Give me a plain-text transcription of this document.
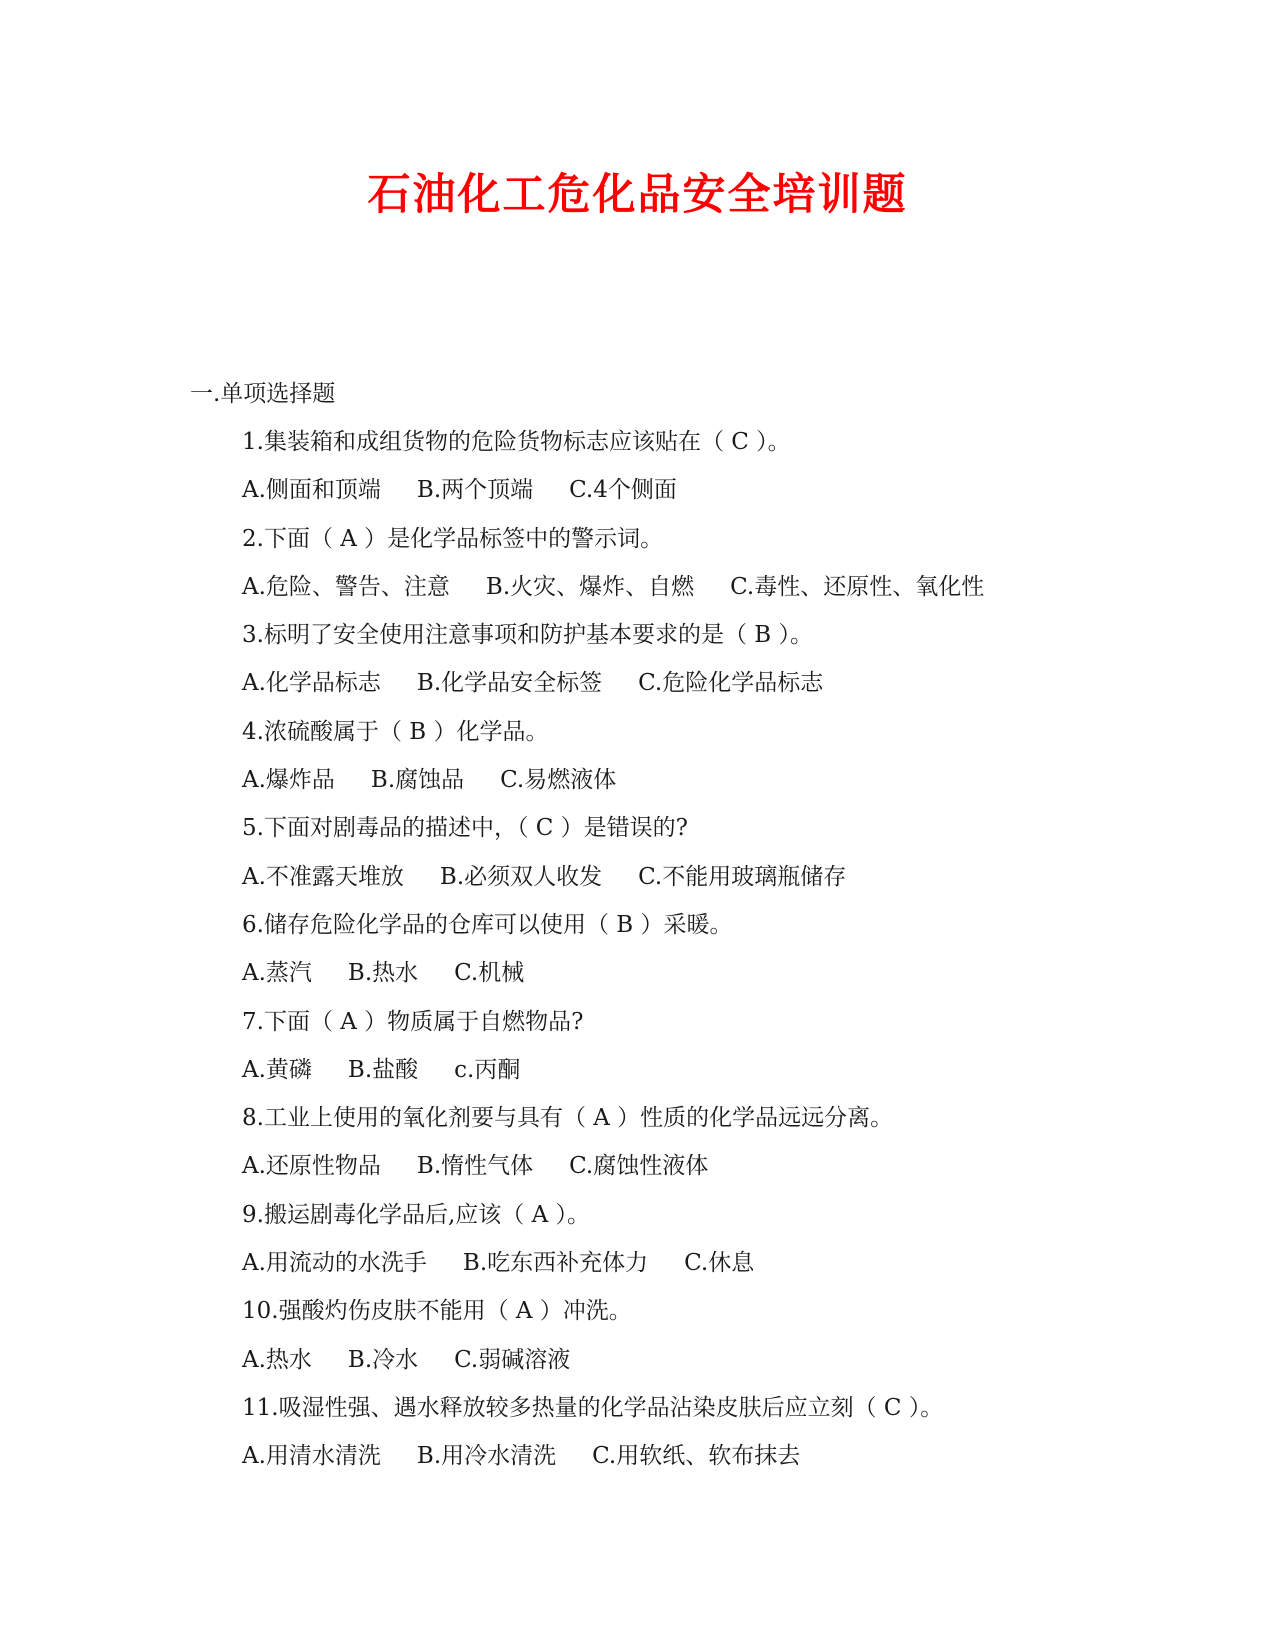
石油化工危化品安全培训题
一.单项选择题
1.集装箱和成组货物的危险货物标志应该贴在（ C ）。
A.侧面和顶端 B.两个顶端 C.4个侧面
2.下面（ A ）是化学品标签中的警示词。
A.危险、警告、注意 B.火灾、爆炸、自燃 C.毒性、还原性、氧化性
3.标明了安全使用注意事项和防护基本要求的是（ B ）。
A.化学品标志 B.化学品安全标签 C.危险化学品标志
4.浓硫酸属于（ B ）化学品。
A.爆炸品 B.腐蚀品 C.易燃液体
5.下面对剧毒品的描述中，（ C ）是错误的?
A.不准露天堆放 B.必须双人收发 C.不能用玻璃瓶储存
6.储存危险化学品的仓库可以使用（ B ）采暖。
A.蒸汽 B.热水 C.机械
7.下面（ A ）物质属于自燃物品?
A.黄磷 B.盐酸 c.丙酮
8.工业上使用的氧化剂要与具有（ A ）性质的化学品远远分离。
A.还原性物品 B.惰性气体 C.腐蚀性液体
9.搬运剧毒化学品后,应该（ A ）。
A.用流动的水洗手 B.吃东西补充体力 C.休息
10.强酸灼伤皮肤不能用（ A ）冲洗。
A.热水 B.冷水 C.弱碱溶液
11.吸湿性强、遇水释放较多热量的化学品沾染皮肤后应立刻（ C ）。
A.用清水清洗 B.用冷水清洗 C.用软纸、软布抹去
